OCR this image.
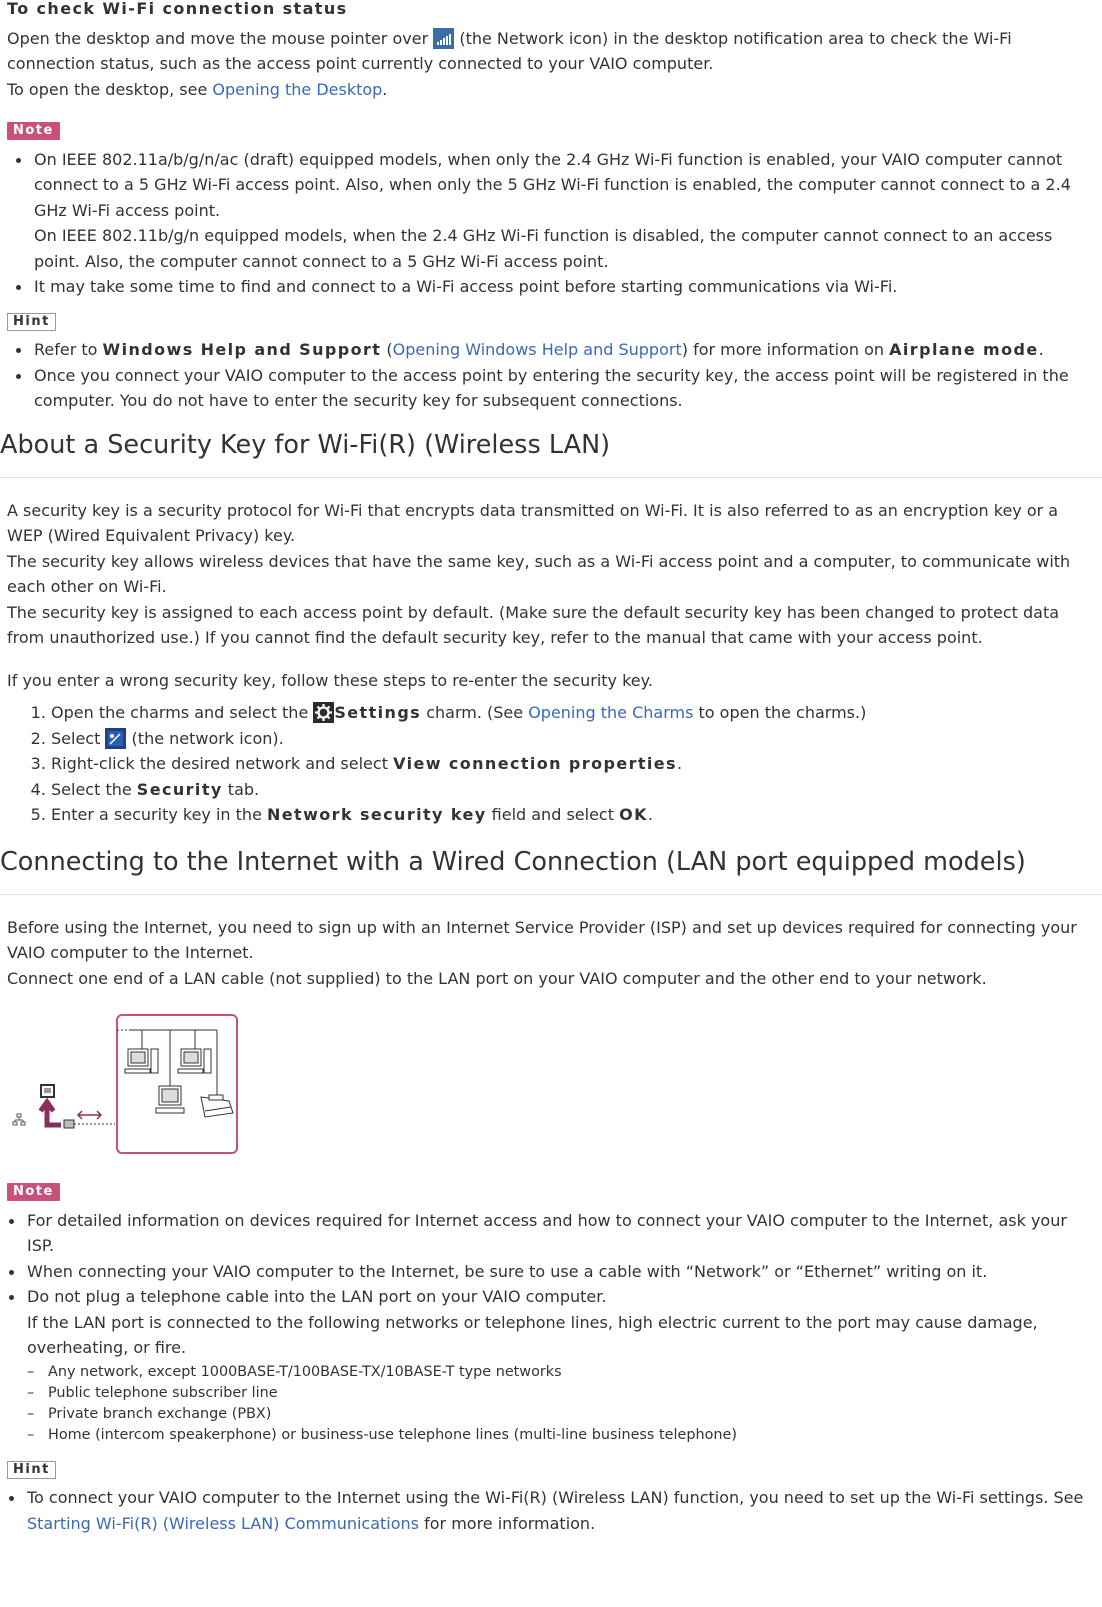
To check Wi-Fi connection status

Open the desktop and move the mouse pointer over (the Network icon) in the desktop notification area to check the Wi-Fi connection status, such as the access point currently connected to your VAIO computer.

To open the desktop, see Opening the Desktop.

Note
On IEEE 802.11a/b/g/n/ac (draft) equipped models, when only the 2.4 GHz Wi-Fi function is enabled, your VAIO computer cannot connect to a 5 GHz Wi-Fi access point. Also, when only the 5 GHz Wi-Fi function is enabled, the computer cannot connect to a 2.4 GHz Wi-Fi access point.
On IEEE 802.11b/g/n equipped models, when the 2.4 GHz Wi-Fi function is disabled, the computer cannot connect to an access point. Also, the computer cannot connect to a 5 GHz Wi-Fi access point.
It may take some time to find and connect to a Wi-Fi access point before starting communications via Wi-Fi.
Hint
Refer to Windows Help and Support (Opening Windows Help and Support) for more information on Airplane mode.
Once you connect your VAIO computer to the access point by entering the security key, the access point will be registered in the computer. You do not have to enter the security key for subsequent connections.
About a Security Key for Wi-Fi(R) (Wireless LAN)

A security key is a security protocol for Wi-Fi that encrypts data transmitted on Wi-Fi. It is also referred to as an encryption key or a WEP (Wired Equivalent Privacy) key.

The security key allows wireless devices that have the same key, such as a Wi-Fi access point and a computer, to communicate with each other on Wi-Fi.

The security key is assigned to each access point by default. (Make sure the default security key has been changed to protect data from unauthorized use.) If you cannot find the default security key, refer to the manual that came with your access point.

If you enter a wrong security key, follow these steps to re-enter the security key.

1. Open the charms and select the Settings charm. (See Opening the Charms to open the charms.)
2. Select (the network icon).
3. Right-click the desired network and select View connection properties.
4. Select the Security tab.
5. Enter a security key in the Network security key field and select OK.
Connecting to the Internet with a Wired Connection (LAN port equipped models)

Before using the Internet, you need to sign up with an Internet Service Provider (ISP) and set up devices required for connecting your VAIO computer to the Internet.

Connect one end of a LAN cable (not supplied) to the LAN port on your VAIO computer and the other end to your network.

Note
For detailed information on devices required for Internet access and how to connect your VAIO computer to the Internet, ask your ISP.
When connecting your VAIO computer to the Internet, be sure to use a cable with “Network” or “Ethernet” writing on it.
Do not plug a telephone cable into the LAN port on your VAIO computer.
If the LAN port is connected to the following networks or telephone lines, high electric current to the port may cause damage, overheating, or fire.
– Any network, except 1000BASE-T/100BASE-TX/10BASE-T type networks
– Public telephone subscriber line
– Private branch exchange (PBX)
– Home (intercom speakerphone) or business-use telephone lines (multi-line business telephone)
Hint
To connect your VAIO computer to the Internet using the Wi-Fi(R) (Wireless LAN) function, you need to set up the Wi-Fi settings. See Starting Wi-Fi(R) (Wireless LAN) Communications for more information.
